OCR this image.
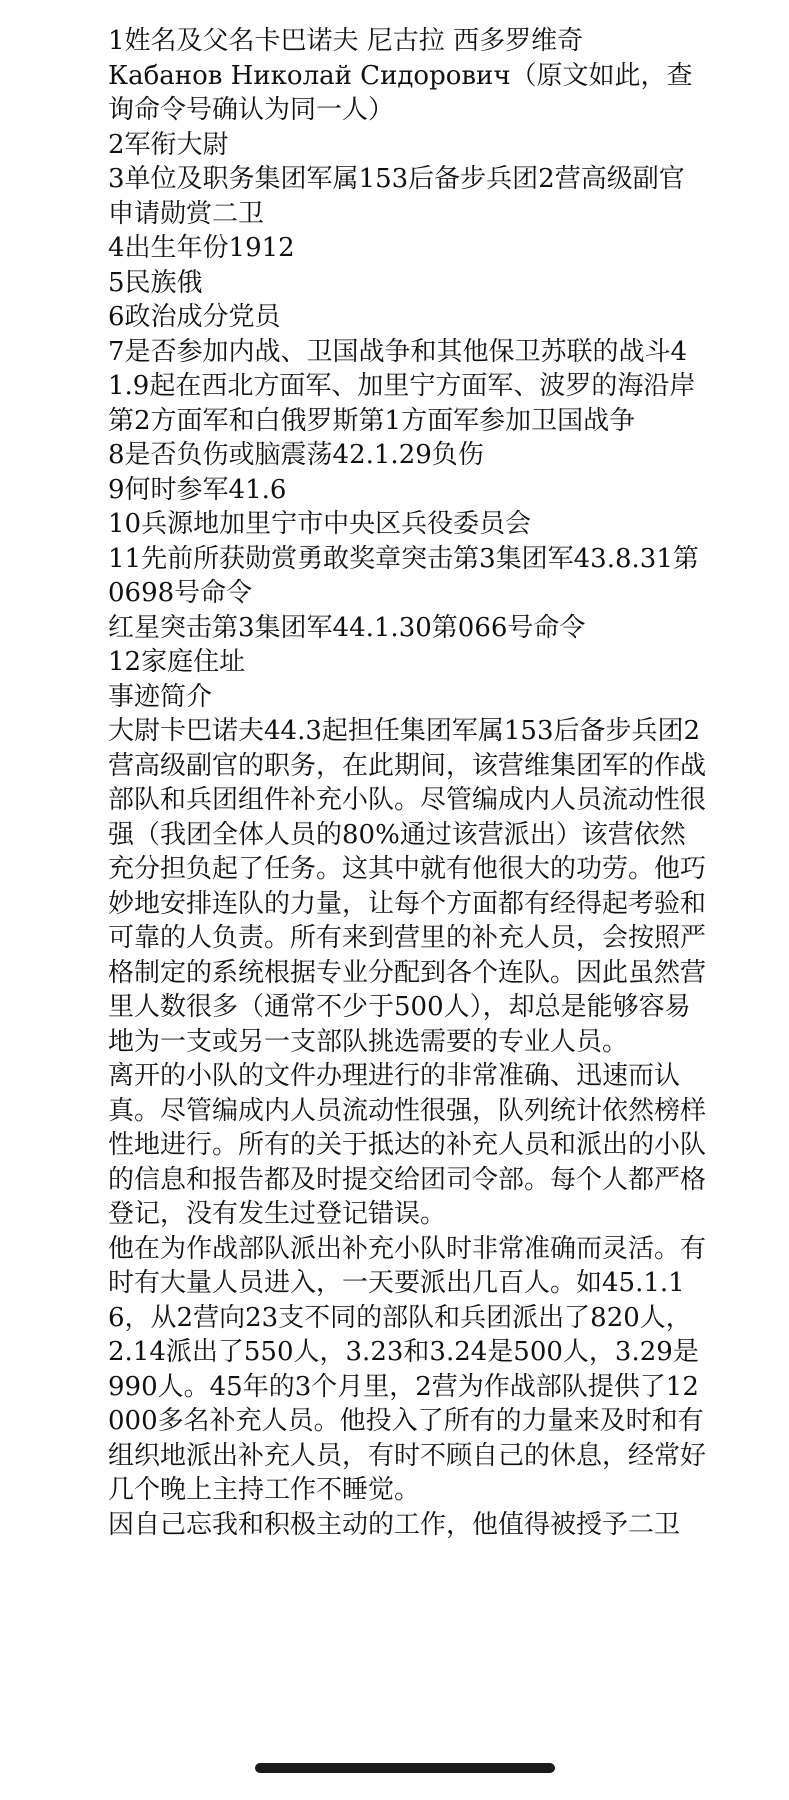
1姓名及父名卡巴诺夫 尼古拉 西多罗维奇

Кабанов Николай Сидорович（原文如此，查询命令号确认为同一人）

2军衔大尉

3单位及职务集团军属153后备步兵团2营高级副官

申请勋赏二卫

4出生年份1912

5民族俄

6政治成分党员

7是否参加内战、卫国战争和其他保卫苏联的战斗41.9起在西北方面军、加里宁方面军、波罗的海沿岸第2方面军和白俄罗斯第1方面军参加卫国战争

8是否负伤或脑震荡42.1.29负伤

9何时参军41.6

10兵源地加里宁市中央区兵役委员会

11先前所获勋赏勇敢奖章突击第3集团军43.8.31第0698号命令

红星突击第3集团军44.1.30第066号命令

12家庭住址

事迹简介

大尉卡巴诺夫44.3起担任集团军属153后备步兵团2营高级副官的职务，在此期间，该营维集团军的作战部队和兵团组件补充小队。尽管编成内人员流动性很强（我团全体人员的80%通过该营派出）该营依然充分担负起了任务。这其中就有他很大的功劳。他巧妙地安排连队的力量，让每个方面都有经得起考验和可靠的人负责。所有来到营里的补充人员，会按照严格制定的系统根据专业分配到各个连队。因此虽然营里人数很多（通常不少于500人），却总是能够容易地为一支或另一支部队挑选需要的专业人员。

离开的小队的文件办理进行的非常准确、迅速而认真。尽管编成内人员流动性很强，队列统计依然榜样性地进行。所有的关于抵达的补充人员和派出的小队的信息和报告都及时提交给团司令部。每个人都严格登记，没有发生过登记错误。

他在为作战部队派出补充小队时非常准确而灵活。有时有大量人员进入，一天要派出几百人。如45.1.16，从2营向23支不同的部队和兵团派出了820人，2.14派出了550人，3.23和3.24是500人，3.29是990人。45年的3个月里，2营为作战部队提供了12000多名补充人员。他投入了所有的力量来及时和有组织地派出补充人员，有时不顾自己的休息，经常好几个晚上主持工作不睡觉。

因自己忘我和积极主动的工作，他值得被授予二卫
